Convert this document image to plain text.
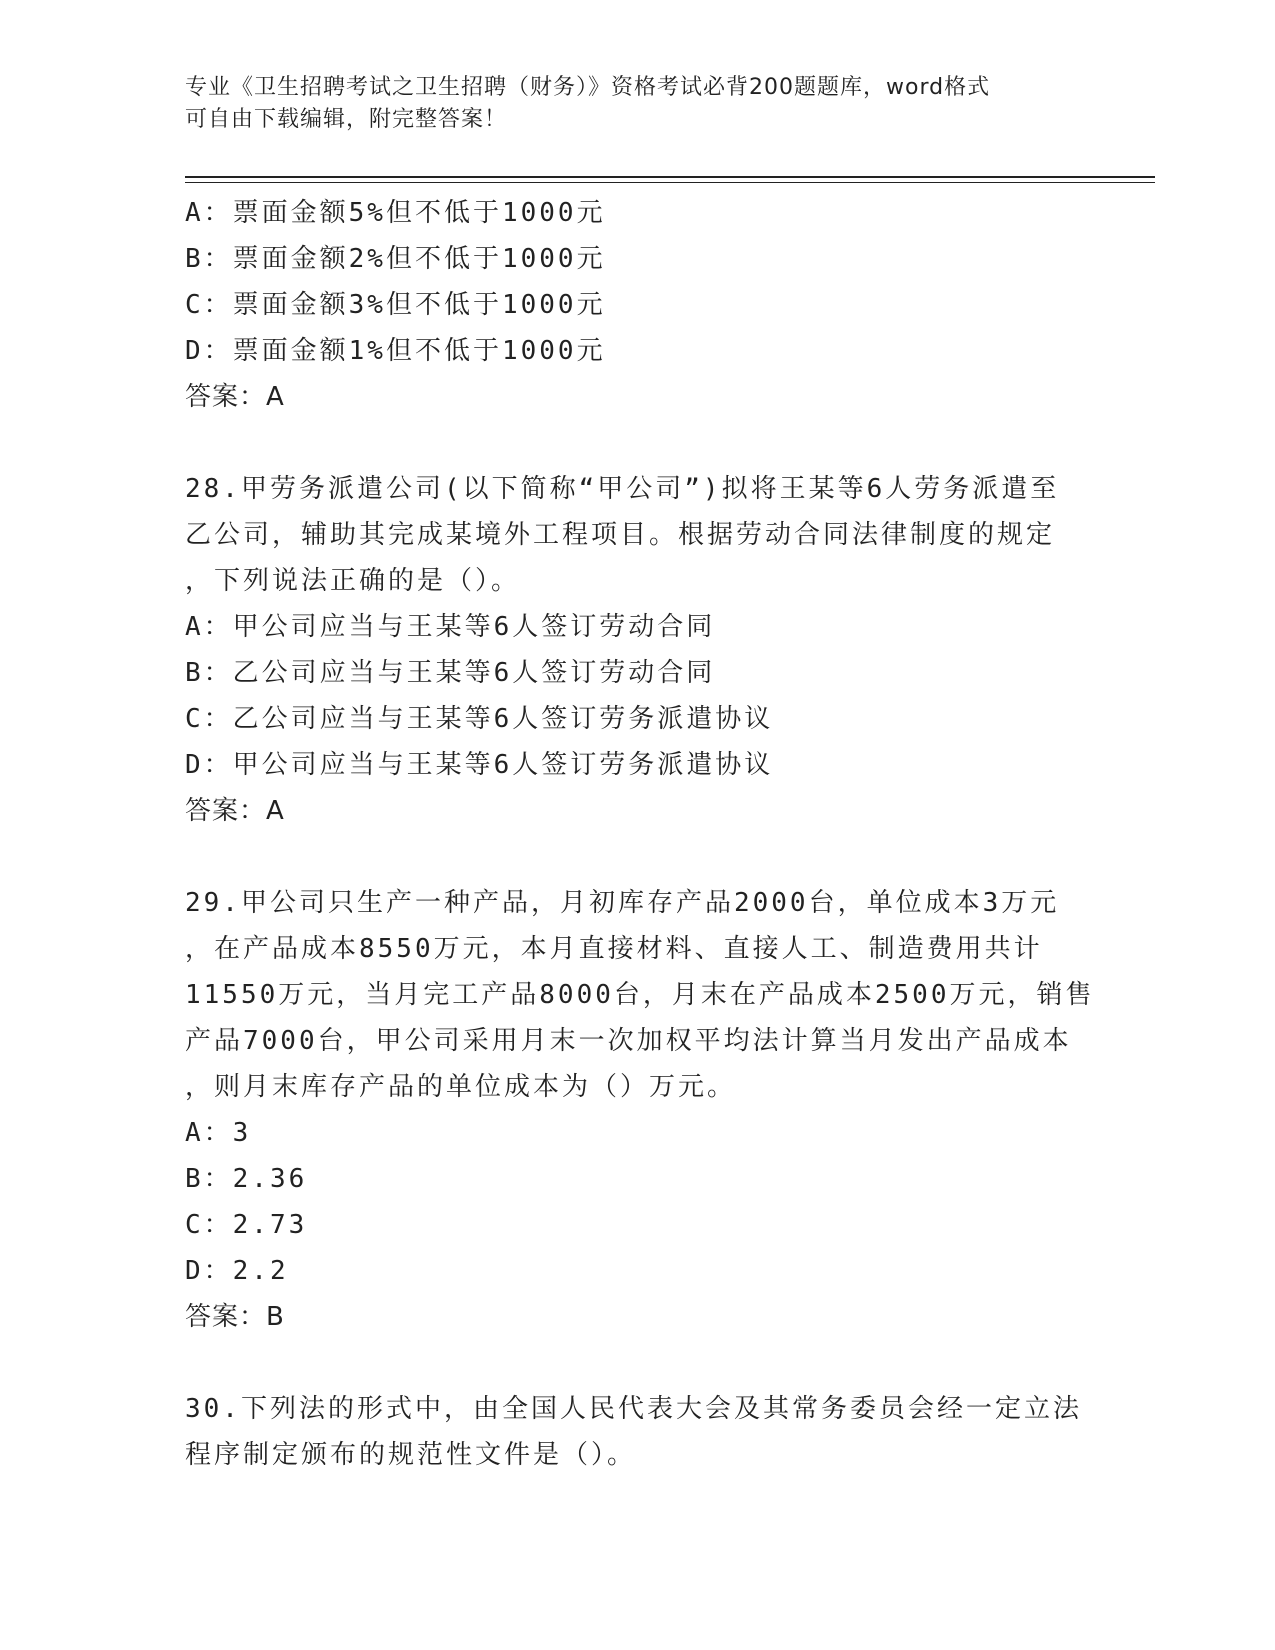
专业《卫生招聘考试之卫生招聘（财务）》资格考试必背200题题库，word格式
可自由下载编辑，附完整答案！
A：票面金额5%但不低于1000元
B：票面金额2%但不低于1000元
C：票面金额3%但不低于1000元
D：票面金额1%但不低于1000元
答案：A
28.甲劳务派遣公司(以下简称“甲公司”)拟将王某等6人劳务派遣至
乙公司，辅助其完成某境外工程项目。根据劳动合同法律制度的规定
，下列说法正确的是（）。
A：甲公司应当与王某等6人签订劳动合同
B：乙公司应当与王某等6人签订劳动合同
C：乙公司应当与王某等6人签订劳务派遣协议
D：甲公司应当与王某等6人签订劳务派遣协议
答案：A
29.甲公司只生产一种产品，月初库存产品2000台，单位成本3万元
，在产品成本8550万元，本月直接材料、直接人工、制造费用共计
11550万元，当月完工产品8000台，月末在产品成本2500万元，销售
产品7000台，甲公司采用月末一次加权平均法计算当月发出产品成本
，则月末库存产品的单位成本为（）万元。
A：3
B：2.36
C：2.73
D：2.2
答案：B
30.下列法的形式中，由全国人民代表大会及其常务委员会经一定立法
程序制定颁布的规范性文件是（）。
